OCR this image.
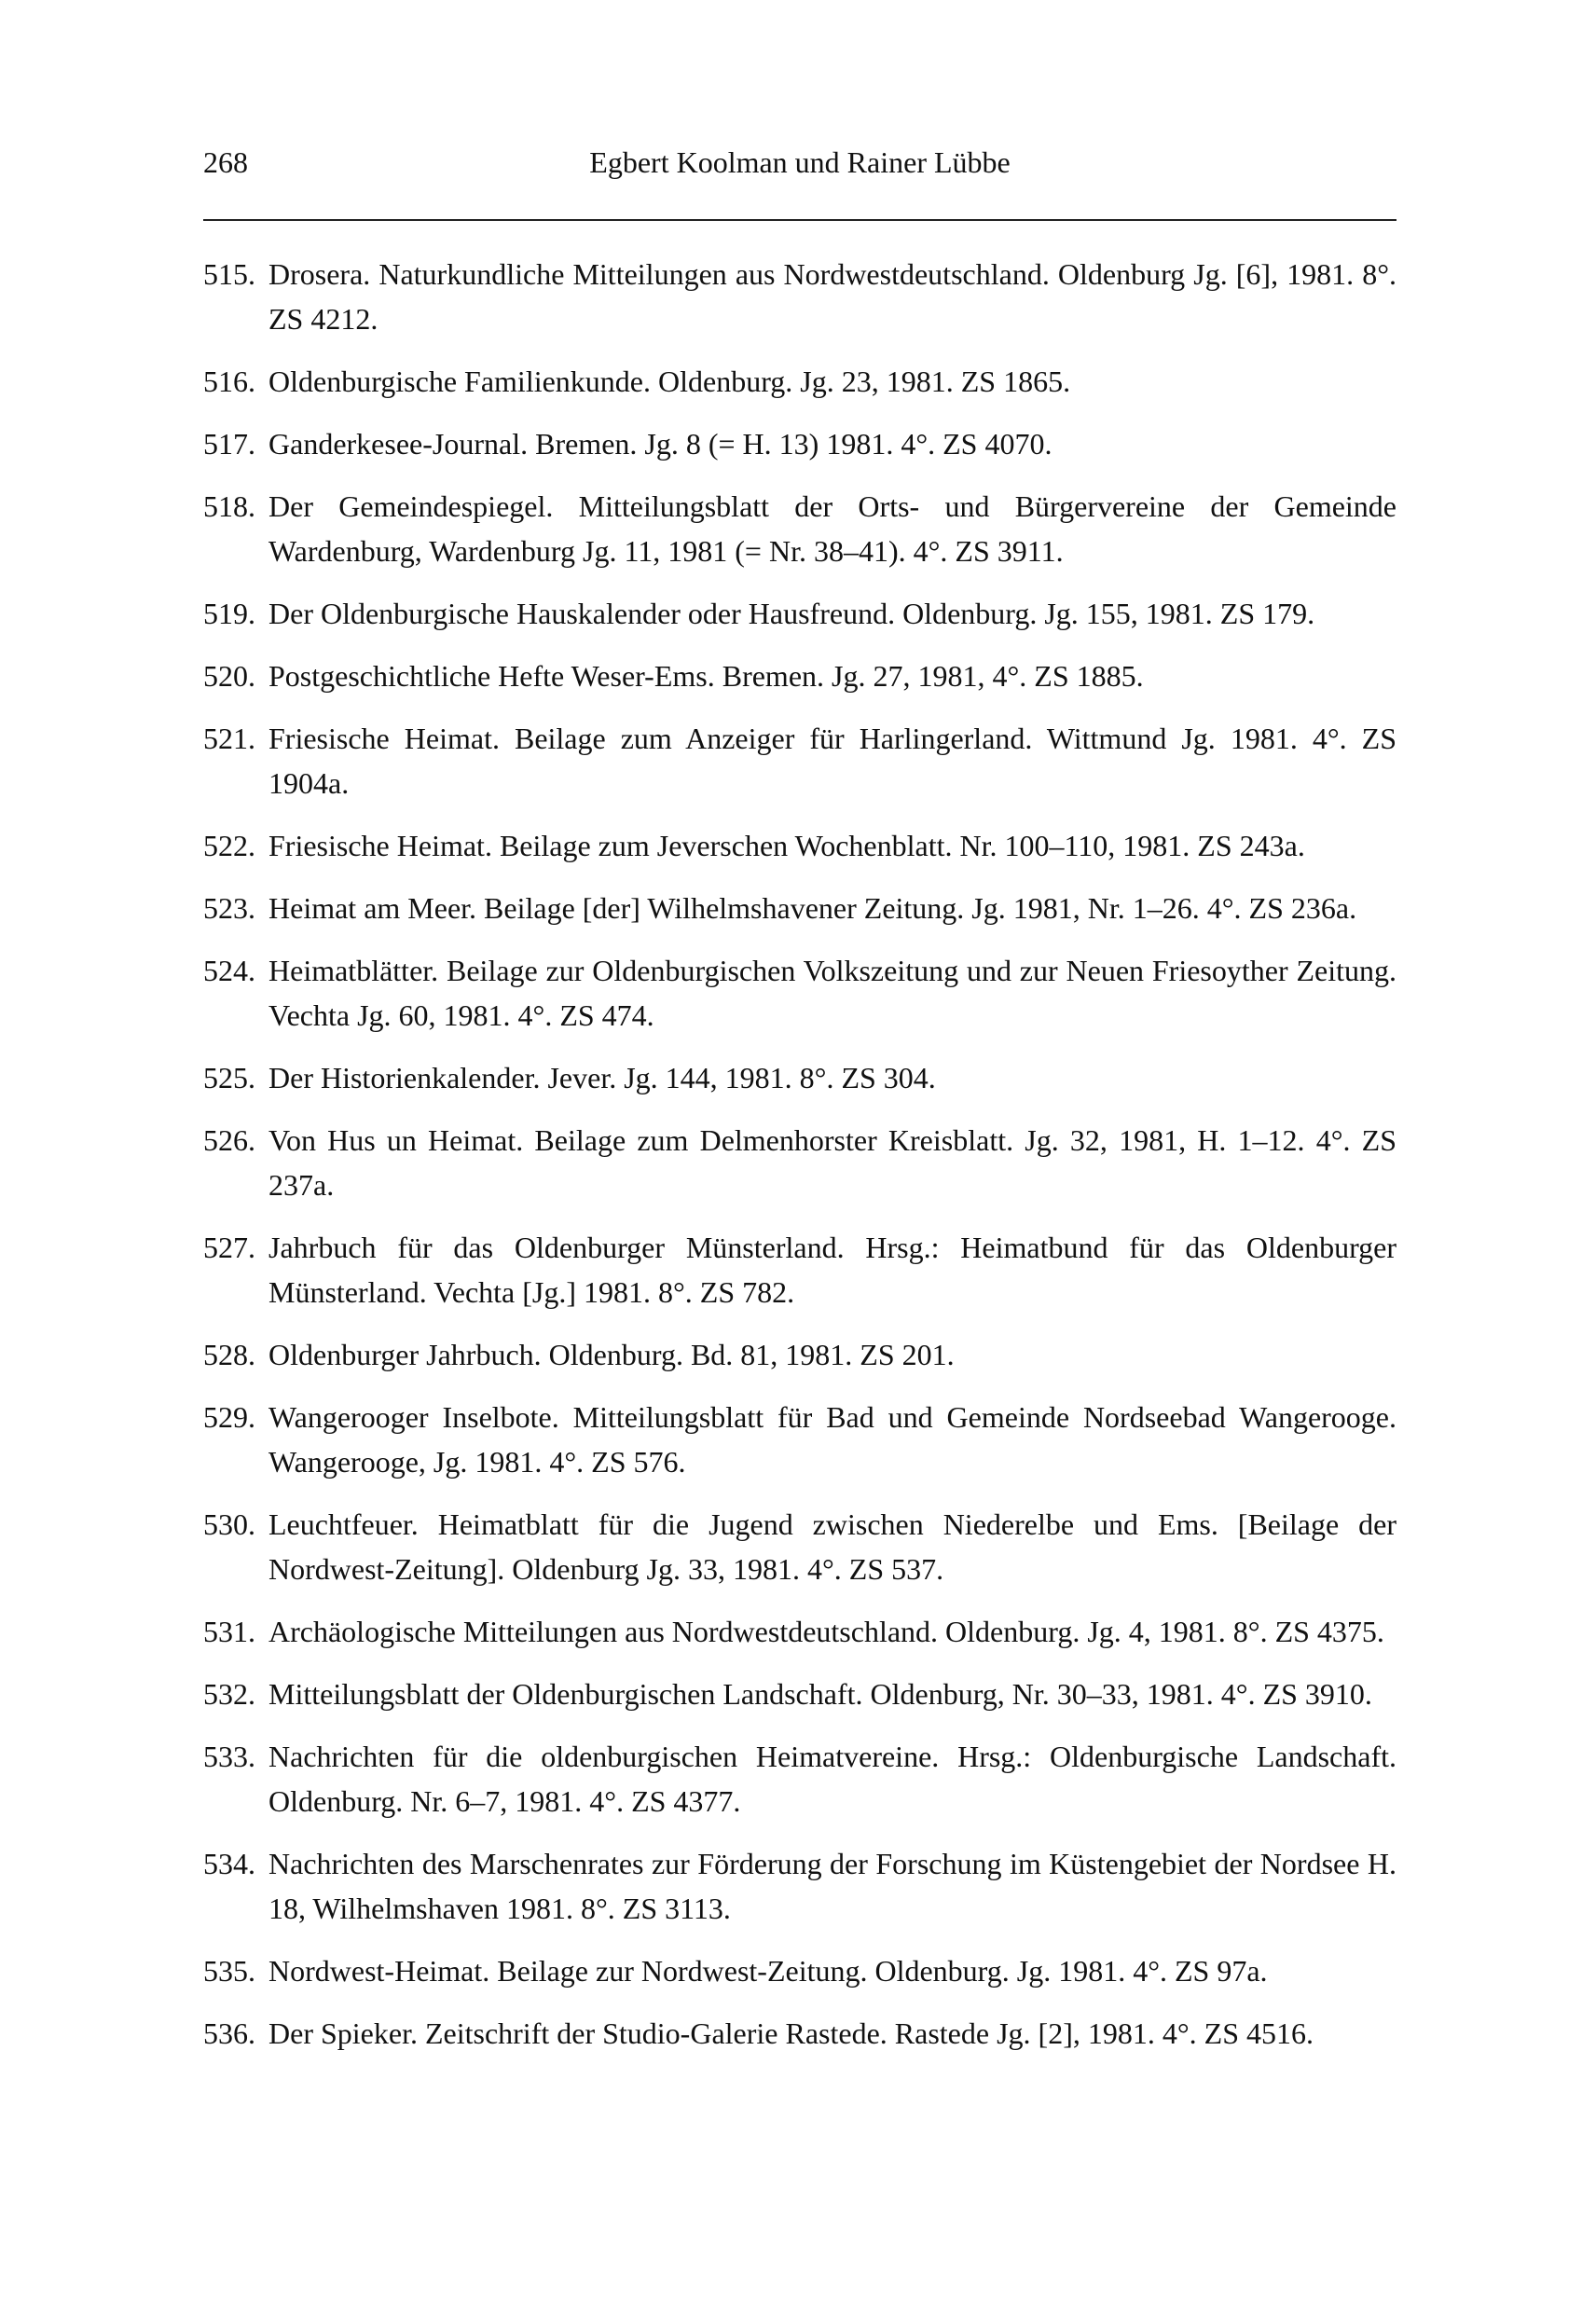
268	Egbert Koolman und Rainer Lübbe
515. Drosera. Naturkundliche Mitteilungen aus Nordwestdeutschland. Oldenburg Jg. [6], 1981. 8°. ZS 4212.
516. Oldenburgische Familienkunde. Oldenburg. Jg. 23, 1981. ZS 1865.
517. Ganderkesee-Journal. Bremen. Jg. 8 (= H. 13) 1981. 4°. ZS 4070.
518. Der Gemeindespiegel. Mitteilungsblatt der Orts- und Bürgervereine der Gemeinde Wardenburg, Wardenburg Jg. 11, 1981 (= Nr. 38–41). 4°. ZS 3911.
519. Der Oldenburgische Hauskalender oder Hausfreund. Oldenburg. Jg. 155, 1981. ZS 179.
520. Postgeschichtliche Hefte Weser-Ems. Bremen. Jg. 27, 1981, 4°. ZS 1885.
521. Friesische Heimat. Beilage zum Anzeiger für Harlingerland. Wittmund Jg. 1981. 4°. ZS 1904a.
522. Friesische Heimat. Beilage zum Jeverschen Wochenblatt. Nr. 100–110, 1981. ZS 243a.
523. Heimat am Meer. Beilage [der] Wilhelmshavener Zeitung. Jg. 1981, Nr. 1–26. 4°. ZS 236a.
524. Heimatblätter. Beilage zur Oldenburgischen Volkszeitung und zur Neuen Friesoyther Zeitung. Vechta Jg. 60, 1981. 4°. ZS 474.
525. Der Historienkalender. Jever. Jg. 144, 1981. 8°. ZS 304.
526. Von Hus un Heimat. Beilage zum Delmenhorster Kreisblatt. Jg. 32, 1981, H. 1–12. 4°. ZS 237a.
527. Jahrbuch für das Oldenburger Münsterland. Hrsg.: Heimatbund für das Oldenburger Münsterland. Vechta [Jg.] 1981. 8°. ZS 782.
528. Oldenburger Jahrbuch. Oldenburg. Bd. 81, 1981. ZS 201.
529. Wangerooger Inselbote. Mitteilungsblatt für Bad und Gemeinde Nordseebad Wangerooge. Wangerooge, Jg. 1981. 4°. ZS 576.
530. Leuchtfeuer. Heimatblatt für die Jugend zwischen Niederelbe und Ems. [Beilage der Nordwest-Zeitung]. Oldenburg Jg. 33, 1981. 4°. ZS 537.
531. Archäologische Mitteilungen aus Nordwestdeutschland. Oldenburg. Jg. 4, 1981. 8°. ZS 4375.
532. Mitteilungsblatt der Oldenburgischen Landschaft. Oldenburg, Nr. 30–33, 1981. 4°. ZS 3910.
533. Nachrichten für die oldenburgischen Heimatvereine. Hrsg.: Oldenburgische Landschaft. Oldenburg. Nr. 6–7, 1981. 4°. ZS 4377.
534. Nachrichten des Marschenrates zur Förderung der Forschung im Küstengebiet der Nordsee H. 18, Wilhelmshaven 1981. 8°. ZS 3113.
535. Nordwest-Heimat. Beilage zur Nordwest-Zeitung. Oldenburg. Jg. 1981. 4°. ZS 97a.
536. Der Spieker. Zeitschrift der Studio-Galerie Rastede. Rastede Jg. [2], 1981. 4°. ZS 4516.
